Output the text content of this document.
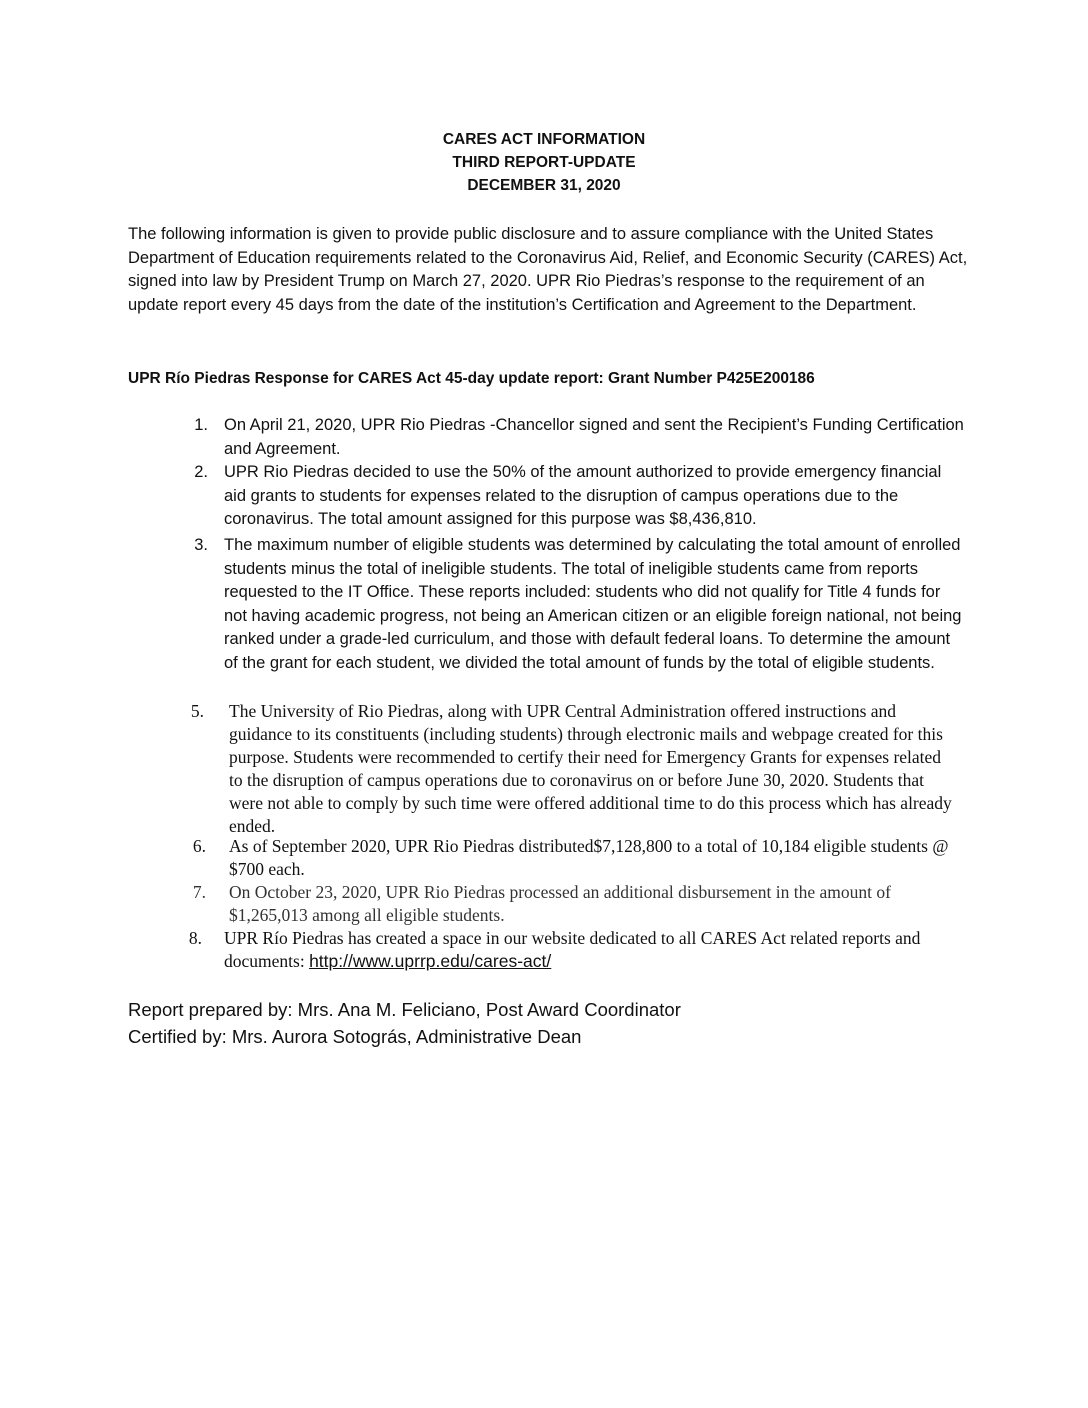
CARES ACT INFORMATION
THIRD REPORT-UPDATE
DECEMBER 31, 2020

The following information is given to provide public disclosure and to assure compliance with the United States Department of Education requirements related to the Coronavirus Aid, Relief, and Economic Security (CARES) Act, signed into law by President Trump on March 27, 2020. UPR Rio Piedras’s response to the requirement of an update report every 45 days from the date of the institution’s Certification and Agreement to the Department.

UPR Río Piedras Response for CARES Act 45-day update report: Grant Number P425E200186

1. On April 21, 2020, UPR Rio Piedras -Chancellor signed and sent the Recipient’s Funding Certification and Agreement.
2. UPR Rio Piedras decided to use the 50% of the amount authorized to provide emergency financial aid grants to students for expenses related to the disruption of campus operations due to the coronavirus. The total amount assigned for this purpose was $8,436,810.
3. The maximum number of eligible students was determined by calculating the total amount of enrolled students minus the total of ineligible students. The total of ineligible students came from reports requested to the IT Office. These reports included: students who did not qualify for Title 4 funds for not having academic progress, not being an American citizen or an eligible foreign national, not being ranked under a grade-led curriculum, and those with default federal loans. To determine the amount of the grant for each student, we divided the total amount of funds by the total of eligible students.
5. The University of Rio Piedras, along with UPR Central Administration offered instructions and guidance to its constituents (including students) through electronic mails and webpage created for this purpose. Students were recommended to certify their need for Emergency Grants for expenses related to the disruption of campus operations due to coronavirus on or before June 30, 2020. Students that were not able to comply by such time were offered additional time to do this process which has already ended.
6. As of September 2020, UPR Rio Piedras distributed$7,128,800 to a total of 10,184 eligible students @ $700 each.
7. On October 23, 2020, UPR Rio Piedras processed an additional disbursement in the amount of $1,265,013 among all eligible students.
8. UPR Río Piedras has created a space in our website dedicated to all CARES Act related reports and documents: http://www.uprrp.edu/cares-act/
Report prepared by: Mrs. Ana M. Feliciano, Post Award Coordinator
Certified by: Mrs. Aurora Sotográs, Administrative Dean
